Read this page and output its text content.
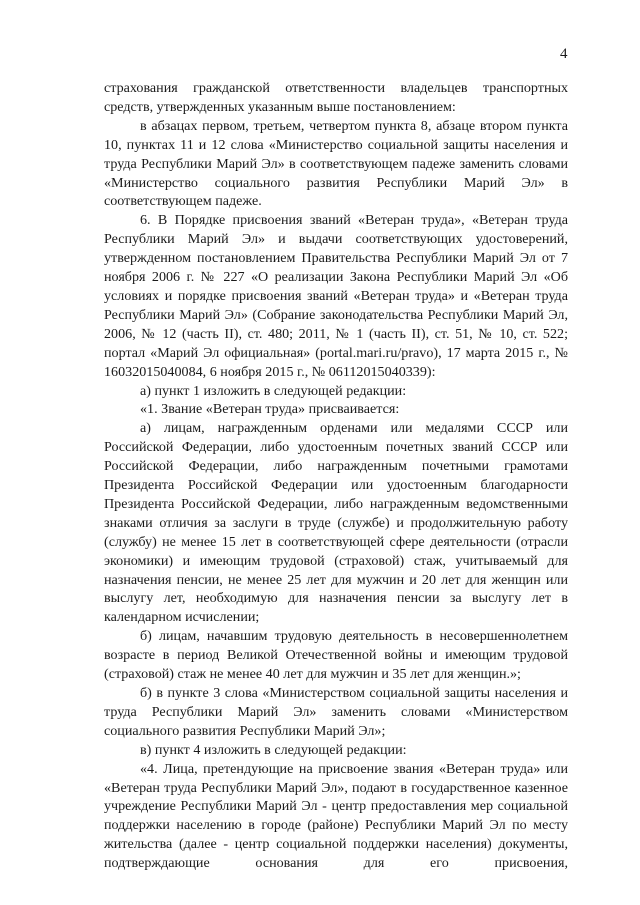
4

страхования гражданской ответственности владельцев транспортных

средств, утвержденных указанным выше постановлением:

в абзацах первом, третьем, четвертом пункта 8, абзаце втором пункта 10, пунктах 11 и 12 слова «Министерство социальной защиты населения и труда Республики Марий Эл» в соответствующем падеже заменить словами «Министерство социального развития Республики Марий Эл» в соответствующем падеже.

6. В Порядке присвоения званий «Ветеран труда», «Ветеран труда Республики Марий Эл» и выдачи соответствующих удостоверений, утвержденном постановлением Правительства Республики Марий Эл от 7 ноября 2006 г. № 227 «О реализации Закона Республики Марий Эл «Об условиях и порядке присвоения званий «Ветеран труда» и «Ветеран труда Республики Марий Эл» (Собрание законодательства Республики Марий Эл, 2006, № 12 (часть II), ст. 480; 2011, № 1 (часть II), ст. 51, № 10, ст. 522; портал «Марий Эл официальная» (portal.mari.ru/pravo), 17 марта 2015 г., № 16032015040084, 6 ноября 2015 г., № 06112015040339):

а) пункт 1 изложить в следующей редакции:

«1. Звание «Ветеран труда» присваивается:

а) лицам, награжденным орденами или медалями СССР или Российской Федерации, либо удостоенным почетных званий СССР или Российской Федерации, либо награжденным почетными грамотами Президента Российской Федерации или удостоенным благодарности Президента Российской Федерации, либо награжденным ведомственными знаками отличия за заслуги в труде (службе) и продолжительную работу (службу) не менее 15 лет в соответствующей сфере деятельности (отрасли экономики) и имеющим трудовой (страховой) стаж, учитываемый для назначения пенсии, не менее 25 лет для мужчин и 20 лет для женщин или выслугу лет, необходимую для назначения пенсии за выслугу лет в календарном исчислении;

б) лицам, начавшим трудовую деятельность в несовершеннолетнем возрасте в период Великой Отечественной войны и имеющим трудовой (страховой) стаж не менее 40 лет для мужчин и 35 лет для женщин.»;

б) в пункте 3 слова «Министерством социальной защиты населения и труда Республики Марий Эл» заменить словами «Министерством социального развития Республики Марий Эл»;

в) пункт 4 изложить в следующей редакции:

«4. Лица, претендующие на присвоение звания «Ветеран труда» или «Ветеран труда Республики Марий Эл», подают в государственное казенное учреждение Республики Марий Эл - центр предоставления мер социальной поддержки населению в городе (районе) Республики Марий Эл по месту жительства (далее - центр социальной поддержки населения) документы, подтверждающие основания для его присвоения,
